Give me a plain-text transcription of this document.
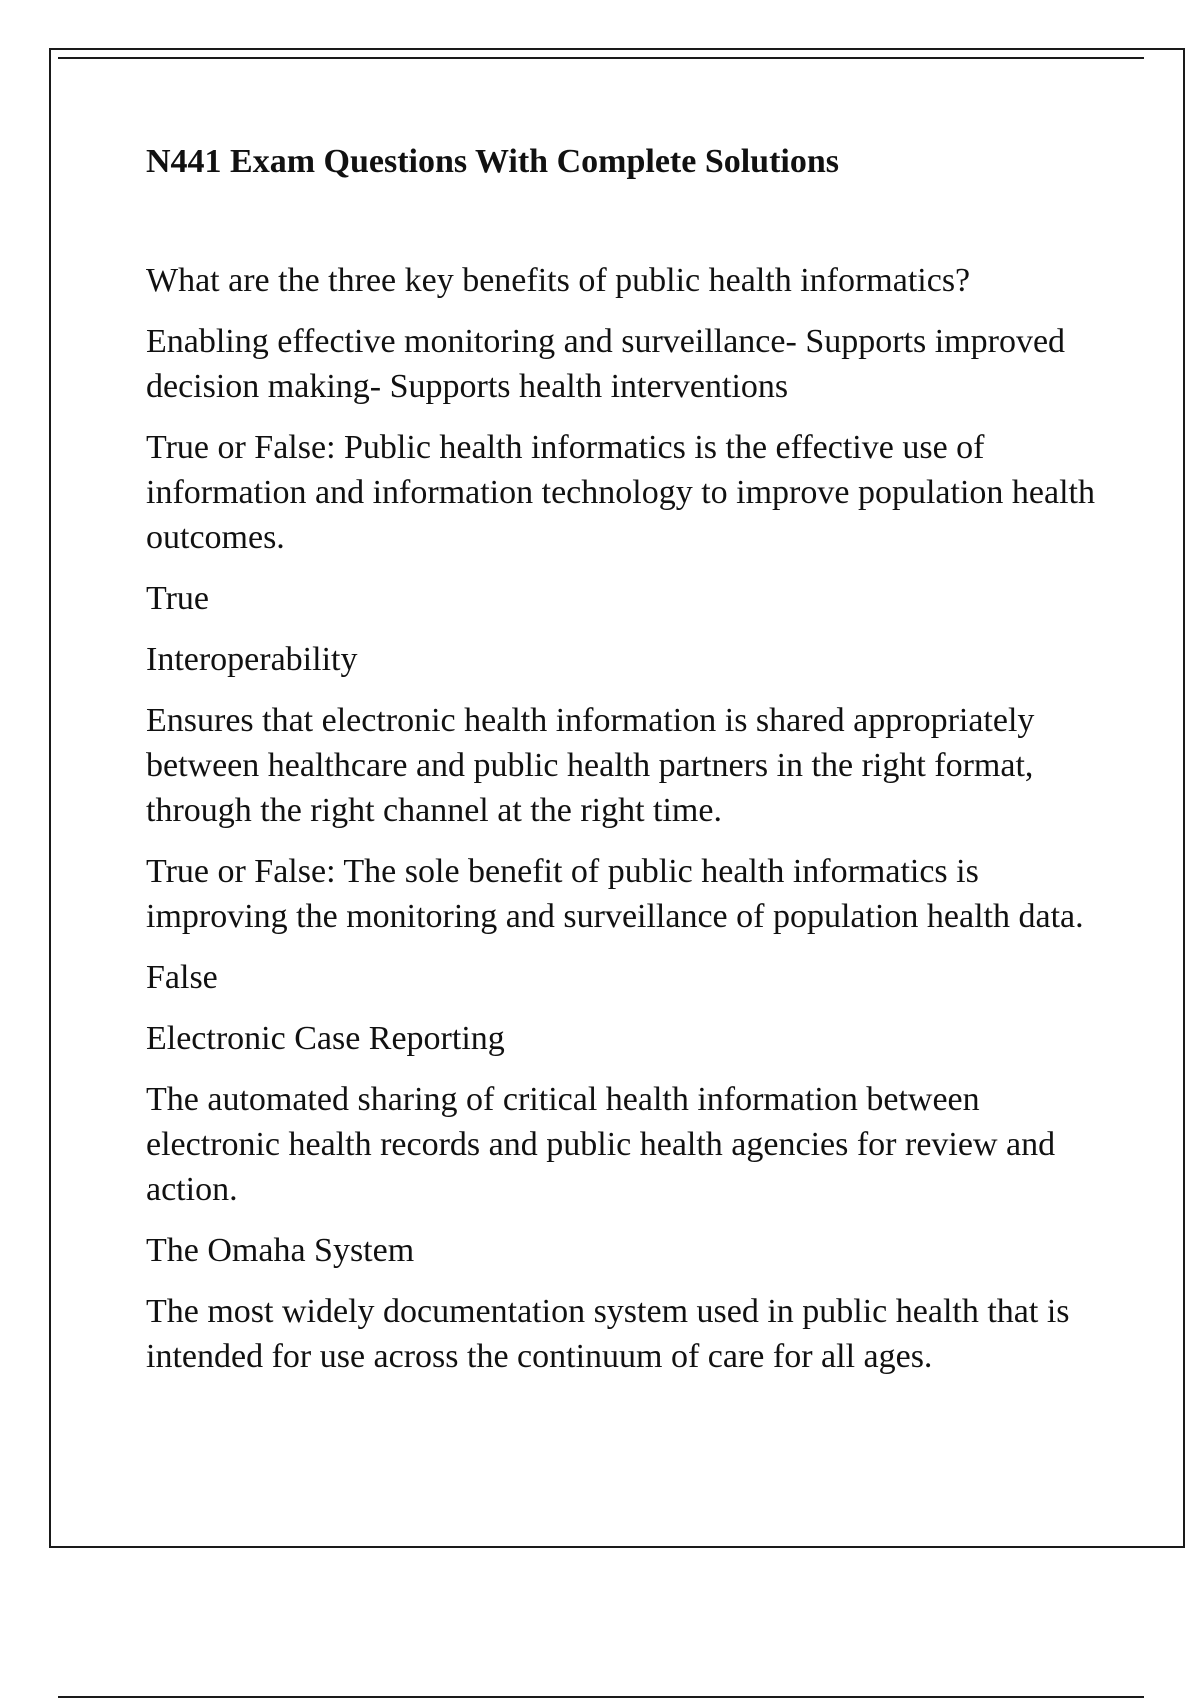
N441 Exam Questions With Complete Solutions

What are the three key benefits of public health informatics?

Enabling effective monitoring and surveillance- Supports improved decision making- Supports health interventions

True or False: Public health informatics is the effective use of information and information technology to improve population health outcomes.

True

Interoperability

Ensures that electronic health information is shared appropriately between healthcare and public health partners in the right format, through the right channel at the right time.

True or False: The sole benefit of public health informatics is improving the monitoring and surveillance of population health data.

False

Electronic Case Reporting

The automated sharing of critical health information between electronic health records and public health agencies for review and action.

The Omaha System

The most widely documentation system used in public health that is intended for use across the continuum of care for all ages.
